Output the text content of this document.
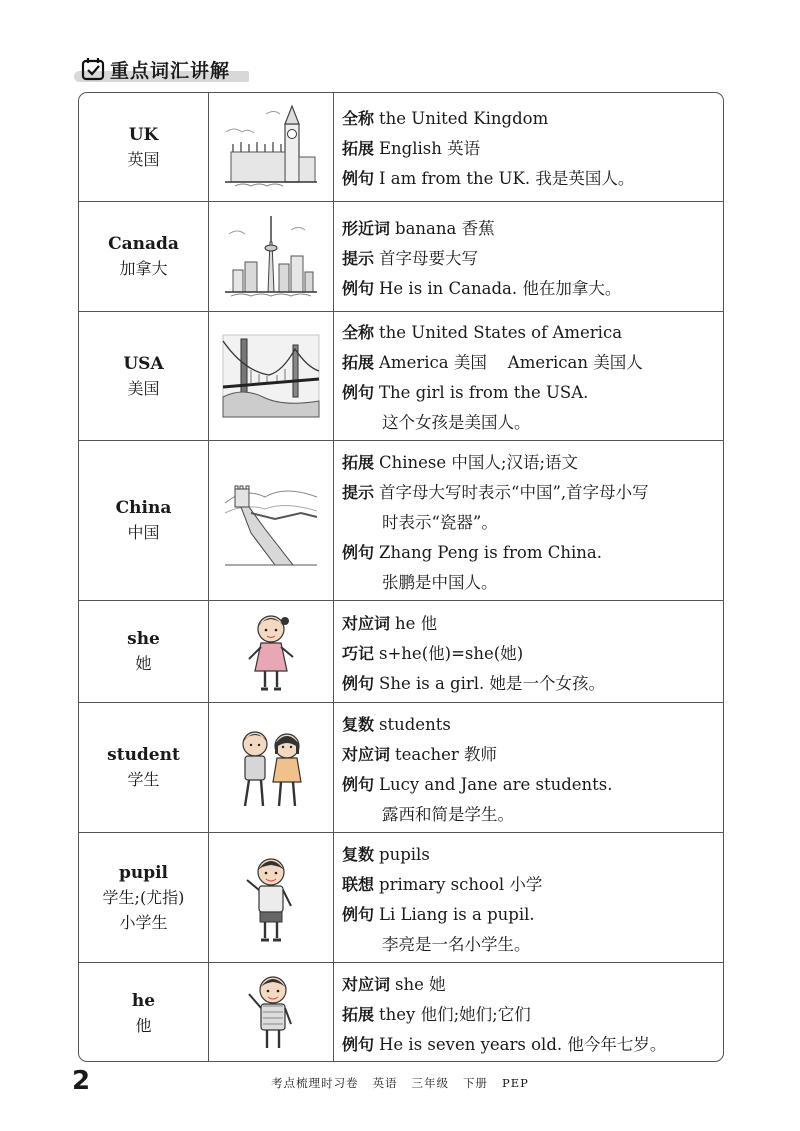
重点词汇讲解
UK
英国
全称 the United Kingdom
拓展 English 英语
例句 I am from the UK. 我是英国人。
Canada
加拿大
形近词 banana 香蕉
提示 首字母要大写
例句 He is in Canada. 他在加拿大。
USA
美国
全称 the United States of America
拓展 America 美国    American 美国人
例句 The girl is from the USA.
这个女孩是美国人。
China
中国
拓展 Chinese 中国人;汉语;语文
提示 首字母大写时表示“中国”,首字母小写
时表示“瓷器”。
例句 Zhang Peng is from China.
张鹏是中国人。
she
她
对应词 he 他
巧记 s+he(他)=she(她)
例句 She is a girl. 她是一个女孩。
student
学生
复数 students
对应词 teacher 教师
例句 Lucy and Jane are students.
露西和简是学生。
pupil
学生;(尤指)
小学生
复数 pupils
联想 primary school 小学
例句 Li Liang is a pupil.
李亮是一名小学生。
he
他
对应词 she 她
拓展 they 他们;她们;它们
例句 He is seven years old. 他今年七岁。
2	考点梳理时习卷   英语   三年级   下册   PEP
